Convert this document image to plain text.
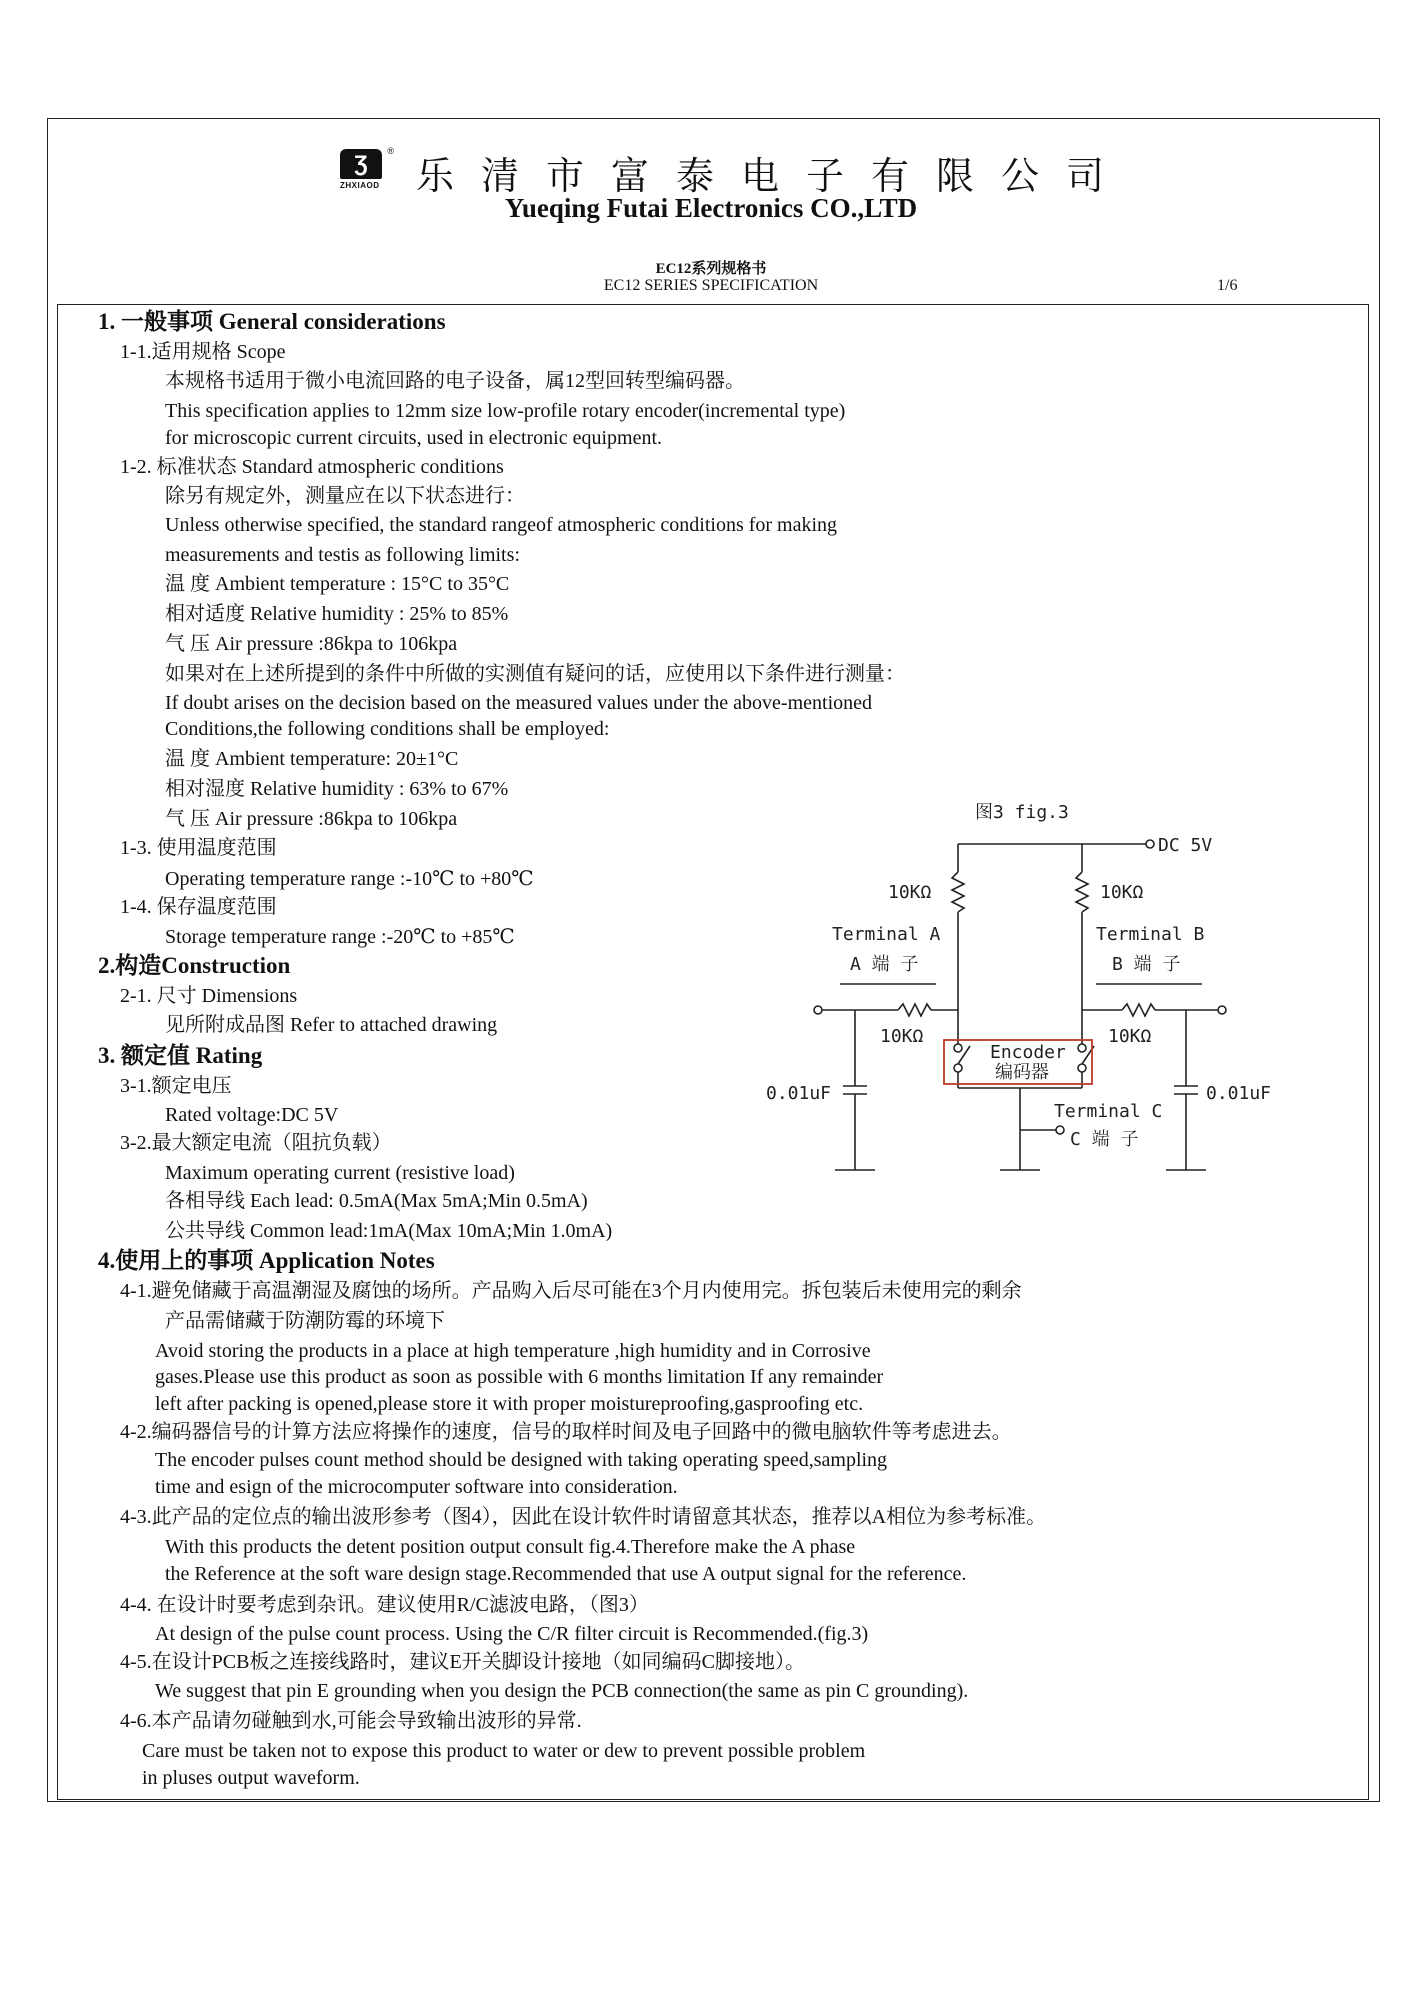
Ʒ
ZHXIAOD
®
乐清市富泰电子有限公司
Yueqing Futai Electronics CO.,LTD
EC12系列规格书
EC12 SERIES SPECIFICATION	1/6
1. 一般事项 General considerations
1-1.适用规格 Scope
本规格书适用于微小电流回路的电子设备，属12型回转型编码器。
This specification applies to 12mm size low-profile rotary encoder(incremental type)
for microscopic current circuits, used in electronic equipment.
1-2. 标准状态 Standard atmospheric conditions
除另有规定外，测量应在以下状态进行：
Unless otherwise specified, the standard rangeof atmospheric conditions for making
measurements and testis as following limits:
温 度 Ambient temperature : 15°C to 35°C
相对适度 Relative humidity : 25% to 85%
气 压 Air pressure :86kpa to 106kpa
如果对在上述所提到的条件中所做的实测值有疑问的话，应使用以下条件进行测量：
If doubt arises on the decision based on the measured values under the above-mentioned
Conditions,the following conditions shall be employed:
温 度 Ambient temperature: 20±1°C
相对湿度 Relative humidity : 63% to 67%
气 压 Air pressure :86kpa to 106kpa
1-3. 使用温度范围
Operating temperature range :-10℃ to +80℃
1-4. 保存温度范围
Storage temperature range :-20℃ to +85℃
2.构造Construction
2-1. 尺寸 Dimensions
见所附成品图 Refer to attached drawing
3. 额定值 Rating
3-1.额定电压
Rated voltage:DC 5V
3-2.最大额定电流（阻抗负载）
Maximum operating current (resistive load)
各相导线 Each lead: 0.5mA(Max 5mA;Min 0.5mA)
公共导线 Common lead:1mA(Max 10mA;Min 1.0mA)
4.使用上的事项 Application Notes
4-1.避免储藏于高温潮湿及腐蚀的场所。产品购入后尽可能在3个月内使用完。拆包装后未使用完的剩余
产品需储藏于防潮防霉的环境下
Avoid storing the products in a place at high temperature ,high humidity and in Corrosive
gases.Please use this product as soon as possible with 6 months limitation If any remainder
left after packing is opened,please store it with proper moistureproofing,gasproofing etc.
4-2.编码器信号的计算方法应将操作的速度，信号的取样时间及电子回路中的微电脑软件等考虑进去。
The encoder pulses count method should be designed with taking operating speed,sampling
time and esign of the microcomputer software into consideration.
4-3.此产品的定位点的输出波形参考（图4），因此在设计软件时请留意其状态，推荐以A相位为参考标准。
With this products the detent position output consult fig.4.Therefore make the A phase
the Reference at the soft ware design stage.Recommended that use A output signal for the reference.
4-4. 在设计时要考虑到杂讯。建议使用R/C滤波电路，（图3）
At design of the pulse count process. Using the C/R filter circuit is Recommended.(fig.3)
4-5.在设计PCB板之连接线路时，建议E开关脚设计接地（如同编码C脚接地）。
We suggest that pin E grounding when you design the PCB connection(the same as pin C grounding).
4-6.本产品请勿碰触到水,可能会导致输出波形的异常.
Care must be taken not to expose this product to water or dew to prevent possible problem
in pluses output waveform.
图3 fig.3
DC 5V
10KΩ	10KΩ
Terminal A
A 端 子
Terminal B
B 端 子
10KΩ	10KΩ
Encoder
编码器
0.01uF	0.01uF
Terminal C
C 端 子
